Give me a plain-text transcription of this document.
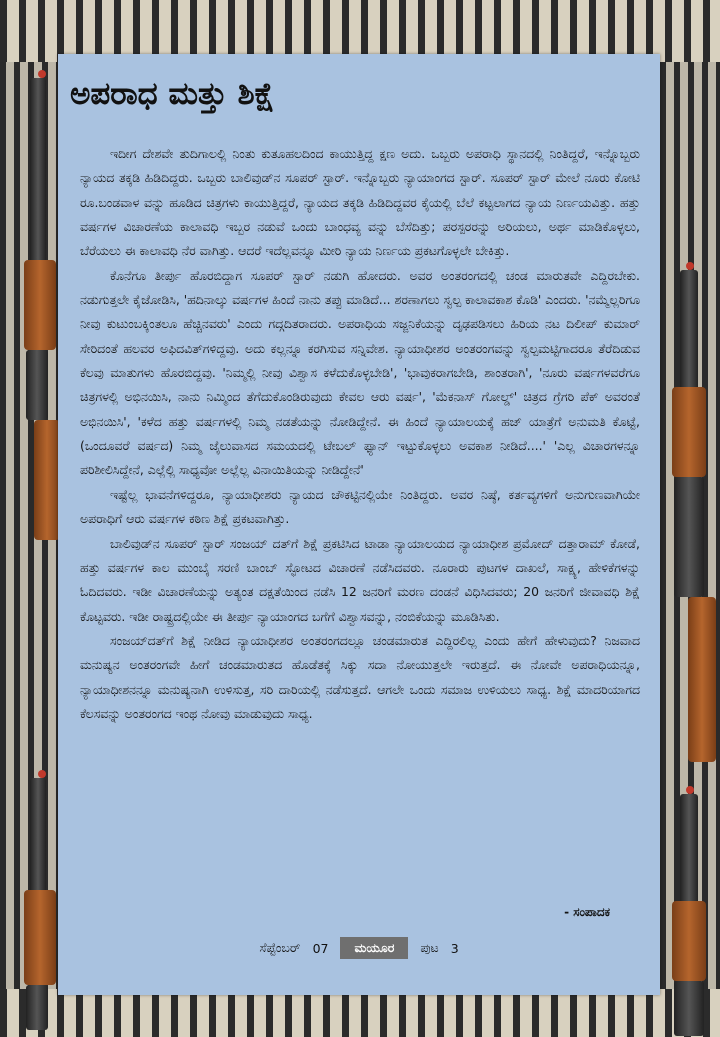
ಅಪರಾಧ ಮತ್ತು ಶಿಕ್ಷೆ

ಇದೀಗ ದೇಶವೇ ತುದಿಗಾಲಲ್ಲಿ ನಿಂತು ಕುತೂಹಲದಿಂದ ಕಾಯುತ್ತಿದ್ದ ಕ್ಷಣ ಅದು. ಒಬ್ಬರು ಅಪರಾಧಿ ಸ್ಥಾನದಲ್ಲಿ ನಿಂತಿದ್ದರೆ, ಇನ್ನೊಬ್ಬರು ನ್ಯಾಯದ ತಕ್ಕಡಿ ಹಿಡಿದಿದ್ದರು. ಒಬ್ಬರು ಬಾಲಿವುಡ್‌ನ ಸೂಪರ್ ಸ್ಟಾರ್. ಇನ್ನೊಬ್ಬರು ನ್ಯಾಯಾಂಗದ ಸ್ಟಾರ್. ಸೂಪರ್ ಸ್ಟಾರ್ ಮೇಲೆ ನೂರು ಕೋಟಿ ರೂ.ಬಂಡವಾಳ ವನ್ನು ಹೂಡಿದ ಚಿತ್ರಗಳು ಕಾಯುತ್ತಿದ್ದರೆ, ನ್ಯಾಯದ ತಕ್ಕಡಿ ಹಿಡಿದಿದ್ದವರ ಕೈಯಲ್ಲಿ ಬೆಲೆ ಕಟ್ಟಲಾಗದ ನ್ಯಾಯ ನಿರ್ಣಯವಿತ್ತು. ಹತ್ತು ವರ್ಷಗಳ ವಿಚಾರಣೆಯ ಕಾಲಾವಧಿ ಇಬ್ಬರ ನಡುವೆ ಒಂದು ಬಾಂಧವ್ಯ ವನ್ನು ಬೆಸೆದಿತ್ತು; ಪರಸ್ಪರರನ್ನು ಅರಿಯಲು, ಅರ್ಥ ಮಾಡಿಕೊಳ್ಳಲು, ಬೆರೆಯಲು ಈ ಕಾಲಾವಧಿ ನೆರ ವಾಗಿತ್ತು. ಆದರೆ ಇದೆಲ್ಲವನ್ನೂ ಮೀರಿ ನ್ಯಾಯ ನಿರ್ಣಯ ಪ್ರಕಟಗೊಳ್ಳಲೇ ಬೇಕಿತ್ತು.

ಕೊನೆಗೂ ತೀರ್ಪು ಹೊರಬಿದ್ದಾಗ ಸೂಪರ್ ಸ್ಟಾರ್ ನಡುಗಿ ಹೋದರು. ಅವರ ಅಂತರಂಗದಲ್ಲಿ ಚಂಡ ಮಾರುತವೇ ಎದ್ದಿರಬೇಕು. ನಡುಗುತ್ತಲೇ ಕೈಜೋಡಿಸಿ, 'ಹದಿನಾಲ್ಕು ವರ್ಷಗಳ ಹಿಂದೆ ನಾನು ತಪ್ಪು ಮಾಡಿದೆ... ಶರಣಾಗಲು ಸ್ವಲ್ಪ ಕಾಲಾವಕಾಶ ಕೊಡಿ' ಎಂದರು. 'ನಮ್ಮೆಲ್ಲರಿಗೂ ನೀವು ಕುಟುಂಬಕ್ಕಿಂತಲೂ ಹೆಚ್ಚಿನವರು' ಎಂದು ಗದ್ಗದಿತರಾದರು. ಅಪರಾಧಿಯ ಸಜ್ಜನಿಕೆಯನ್ನು ದೃಢಪಡಿಸಲು ಹಿರಿಯ ನಟ ದಿಲೀಪ್ ಕುಮಾರ್ ಸೇರಿದಂತೆ ಹಲವರ ಅಫಿದವಿತ್‌ಗಳಿದ್ದವು. ಅದು ಕಲ್ಲನ್ನೂ ಕರಗಿಸುವ ಸನ್ನಿವೇಶ. ನ್ಯಾಯಾಧೀಶರ ಅಂತರಂಗವನ್ನು ಸ್ವಲ್ಪಮಟ್ಟಿಗಾದರೂ ತೆರೆದಿಡುವ ಕೆಲವು ಮಾತುಗಳು ಹೊರಬಿದ್ದವು. 'ನಿಮ್ಮಲ್ಲಿ ನೀವು ವಿಶ್ವಾಸ ಕಳೆದುಕೊಳ್ಳಬೇಡಿ', 'ಭಾವುಕರಾಗಬೇಡಿ, ಶಾಂತರಾಗಿ', 'ನೂರು ವರ್ಷಗಳವರೆಗೂ ಚಿತ್ರಗಳಲ್ಲಿ ಅಭಿನಯಿಸಿ, ನಾನು ನಿಮ್ಮಿಂದ ತೆಗೆದುಕೊಂಡಿರುವುದು ಕೇವಲ ಆರು ವರ್ಷ', 'ಮೆಕನಾಸ್ ಗೋಲ್ಡ್' ಚಿತ್ರದ ಗ್ರೆಗರಿ ಪೆಕ್ ಅವರಂತೆ ಅಭಿನಯಿಸಿ', 'ಕಳೆದ ಹತ್ತು ವರ್ಷಗಳಲ್ಲಿ ನಿಮ್ಮ ನಡತೆಯನ್ನು ನೋಡಿದ್ದೇನೆ. ಈ ಹಿಂದೆ ನ್ಯಾಯಾಲಯಕ್ಕೆ ಹಜ್ ಯಾತ್ರೆಗೆ ಅನುಮತಿ ಕೊಟ್ಟೆ, (ಒಂದೂವರೆ ವರ್ಷದ) ನಿಮ್ಮ ಜೈಲುವಾಸದ ಸಮಯದಲ್ಲಿ ಟೇಬಲ್ ಫ್ಯಾನ್ ಇಟ್ಟುಕೊಳ್ಳಲು ಅವಕಾಶ ನೀಡಿದೆ....' 'ಎಲ್ಲ ವಿಚಾರಗಳನ್ನೂ ಪರಿಶೀಲಿಸಿದ್ದೇನೆ, ಎಲ್ಲೆಲ್ಲಿ ಸಾಧ್ಯವೋ ಅಲ್ಲೆಲ್ಲ ವಿನಾಯಿತಿಯನ್ನು ನೀಡಿದ್ದೇನೆ'

ಇಷ್ಟೆಲ್ಲ ಭಾವನೆಗಳಿದ್ದರೂ, ನ್ಯಾಯಾಧೀಶರು ನ್ಯಾಯದ ಚೌಕಟ್ಟಿನಲ್ಲಿಯೇ ನಿಂತಿದ್ದರು. ಅವರ ನಿಷ್ಠೆ, ಕರ್ತವ್ಯಗಳಿಗೆ ಅನುಗುಣವಾಗಿಯೇ ಅಪರಾಧಿಗೆ ಆರು ವರ್ಷಗಳ ಕಠಿಣ ಶಿಕ್ಷೆ ಪ್ರಕಟವಾಗಿತ್ತು.

ಬಾಲಿವುಡ್‌ನ ಸೂಪರ್ ಸ್ಟಾರ್ ಸಂಜಯ್ ದತ್‌ಗೆ ಶಿಕ್ಷೆ ಪ್ರಕಟಿಸಿದ ಟಾಡಾ ನ್ಯಾಯಾಲಯದ ನ್ಯಾಯಾಧೀಶ ಪ್ರಮೋದ್ ದತ್ತಾರಾಮ್ ಕೋಡೆ, ಹತ್ತು ವರ್ಷಗಳ ಕಾಲ ಮುಂಬೈ ಸರಣಿ ಬಾಂಬ್ ಸ್ಫೋಟದ ವಿಚಾರಣೆ ನಡೆಸಿದವರು. ನೂರಾರು ಪುಟಗಳ ದಾಖಲೆ, ಸಾಕ್ಷ್ಯ, ಹೇಳಿಕೆಗಳನ್ನು ಓದಿದವರು. ಇಡೀ ವಿಚಾರಣೆಯನ್ನು ಅತ್ಯಂತ ದಕ್ಷತೆಯಿಂದ ನಡೆಸಿ 12 ಜನರಿಗೆ ಮರಣ ದಂಡನೆ ವಿಧಿಸಿದವರು; 20 ಜನರಿಗೆ ಜೀವಾವಧಿ ಶಿಕ್ಷೆ ಕೊಟ್ಟವರು. ಇಡೀ ರಾಷ್ಟ್ರದಲ್ಲಿಯೇ ಈ ತೀರ್ಪು ನ್ಯಾಯಾಂಗದ ಬಗೆಗೆ ವಿಶ್ವಾಸವನ್ನು, ನಂಬಿಕೆಯನ್ನು ಮೂಡಿಸಿತು.

ಸಂಜಯ್‌ದತ್‌ಗೆ ಶಿಕ್ಷೆ ನೀಡಿದ ನ್ಯಾಯಾಧೀಶರ ಅಂತರಂಗದಲ್ಲೂ ಚಂಡಮಾರುತ ಎದ್ದಿರಲಿಲ್ಲ ಎಂದು ಹೇಗೆ ಹೇಳುವುದು? ನಿಜವಾದ ಮನುಷ್ಯನ ಅಂತರಂಗವೇ ಹೀಗೆ ಚಂಡಮಾರುತದ ಹೊಡೆತಕ್ಕೆ ಸಿಕ್ಕು ಸದಾ ನೋಯುತ್ತಲೇ ಇರುತ್ತದೆ. ಈ ನೋವೇ ಅಪರಾಧಿಯನ್ನೂ, ನ್ಯಾಯಾಧೀಶನನ್ನೂ ಮನುಷ್ಯನಾಗಿ ಉಳಿಸುತ್ತ, ಸರಿ ದಾರಿಯಲ್ಲಿ ನಡೆಸುತ್ತದೆ. ಆಗಲೇ ಒಂದು ಸಮಾಜ ಉಳಿಯಲು ಸಾಧ್ಯ. ಶಿಕ್ಷೆ ಮಾದರಿಯಾಗದ ಕೆಲಸವನ್ನು ಅಂತರಂಗದ ಇಂಥ ನೋವು ಮಾಡುವುದು ಸಾಧ್ಯ.

- ಸಂಪಾದಕ
ಸೆಪ್ಟೆಂಬರ್ 07	ಮಯೂರ	ಪುಟ 3
